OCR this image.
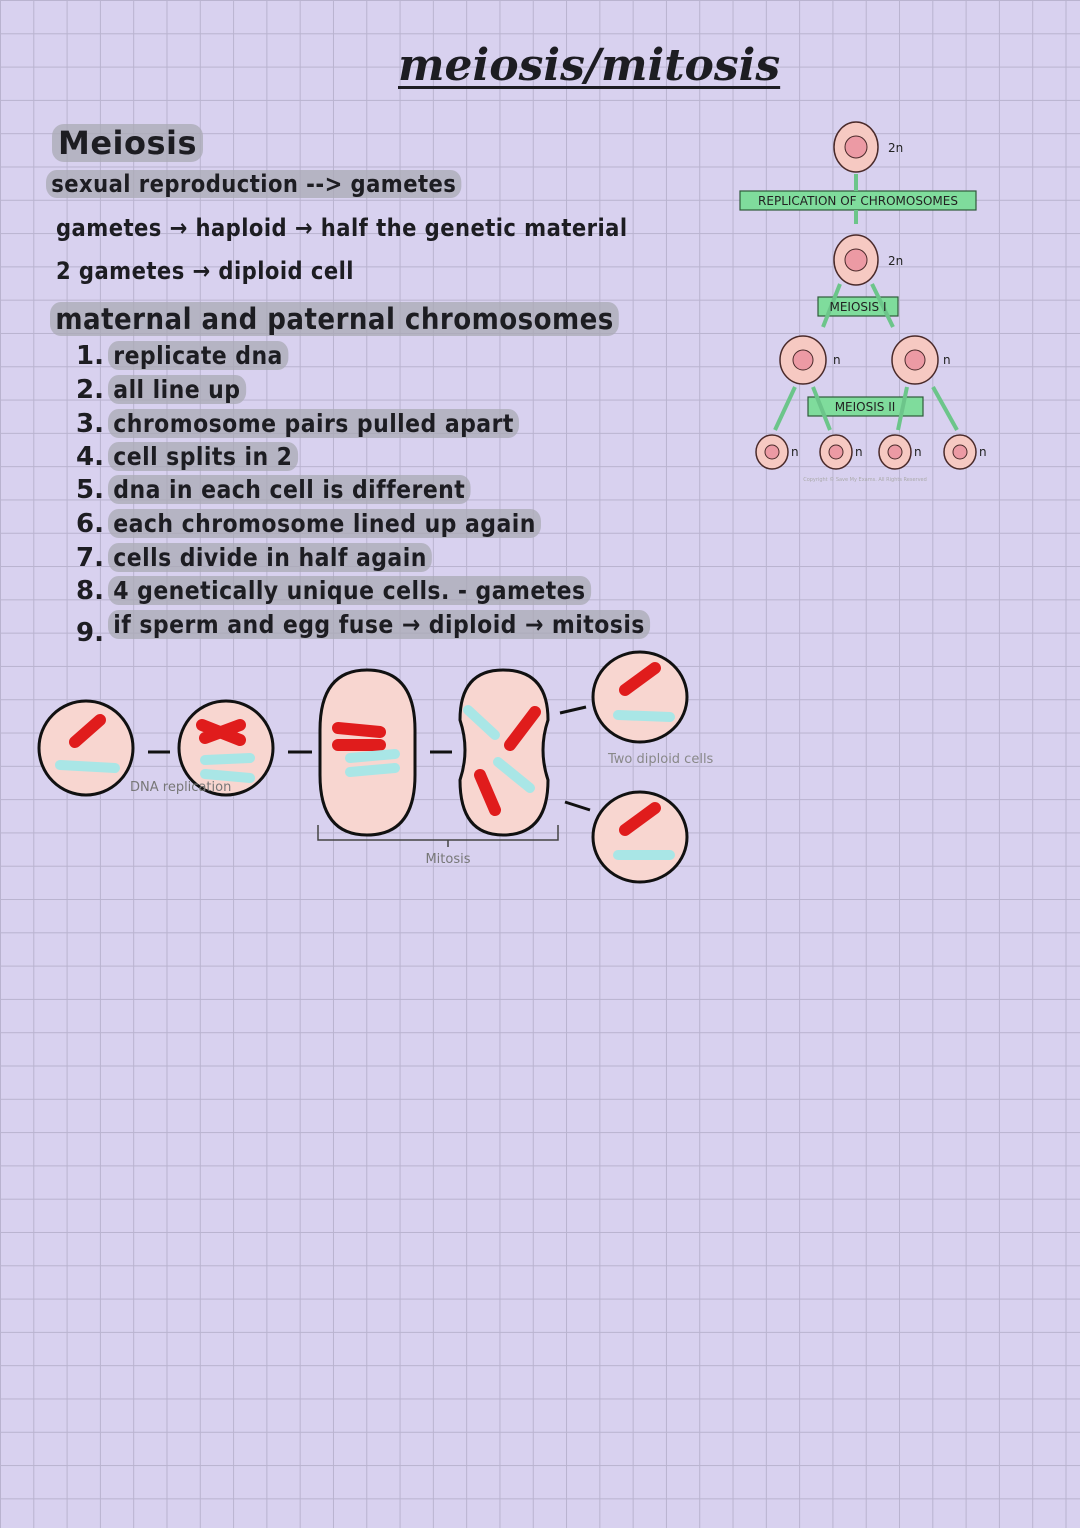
meiosis/mitosis
Meiosis
sexual reproduction --> gametes
gametes → haploid → half the genetic material
2 gametes → diploid cell
maternal and paternal chromosomes
1. replicate dna
2. all line up
3. chromosome pairs pulled apart
4. cell splits in 2
5. dna in each cell is different
6. each chromosome lined up again
7. cells divide in half again
8. 4 genetically unique cells. - gametes
9. if sperm and egg fuse → diploid → mitosis
REPLICATION OF CHROMOSOMES
MEIOSIS I
MEIOSIS II
2n
2n
n	n
n	n	n	n
Copyright © Save My Exams. All Rights Reserved
DNA replication
Mitosis
Two diploid cells
